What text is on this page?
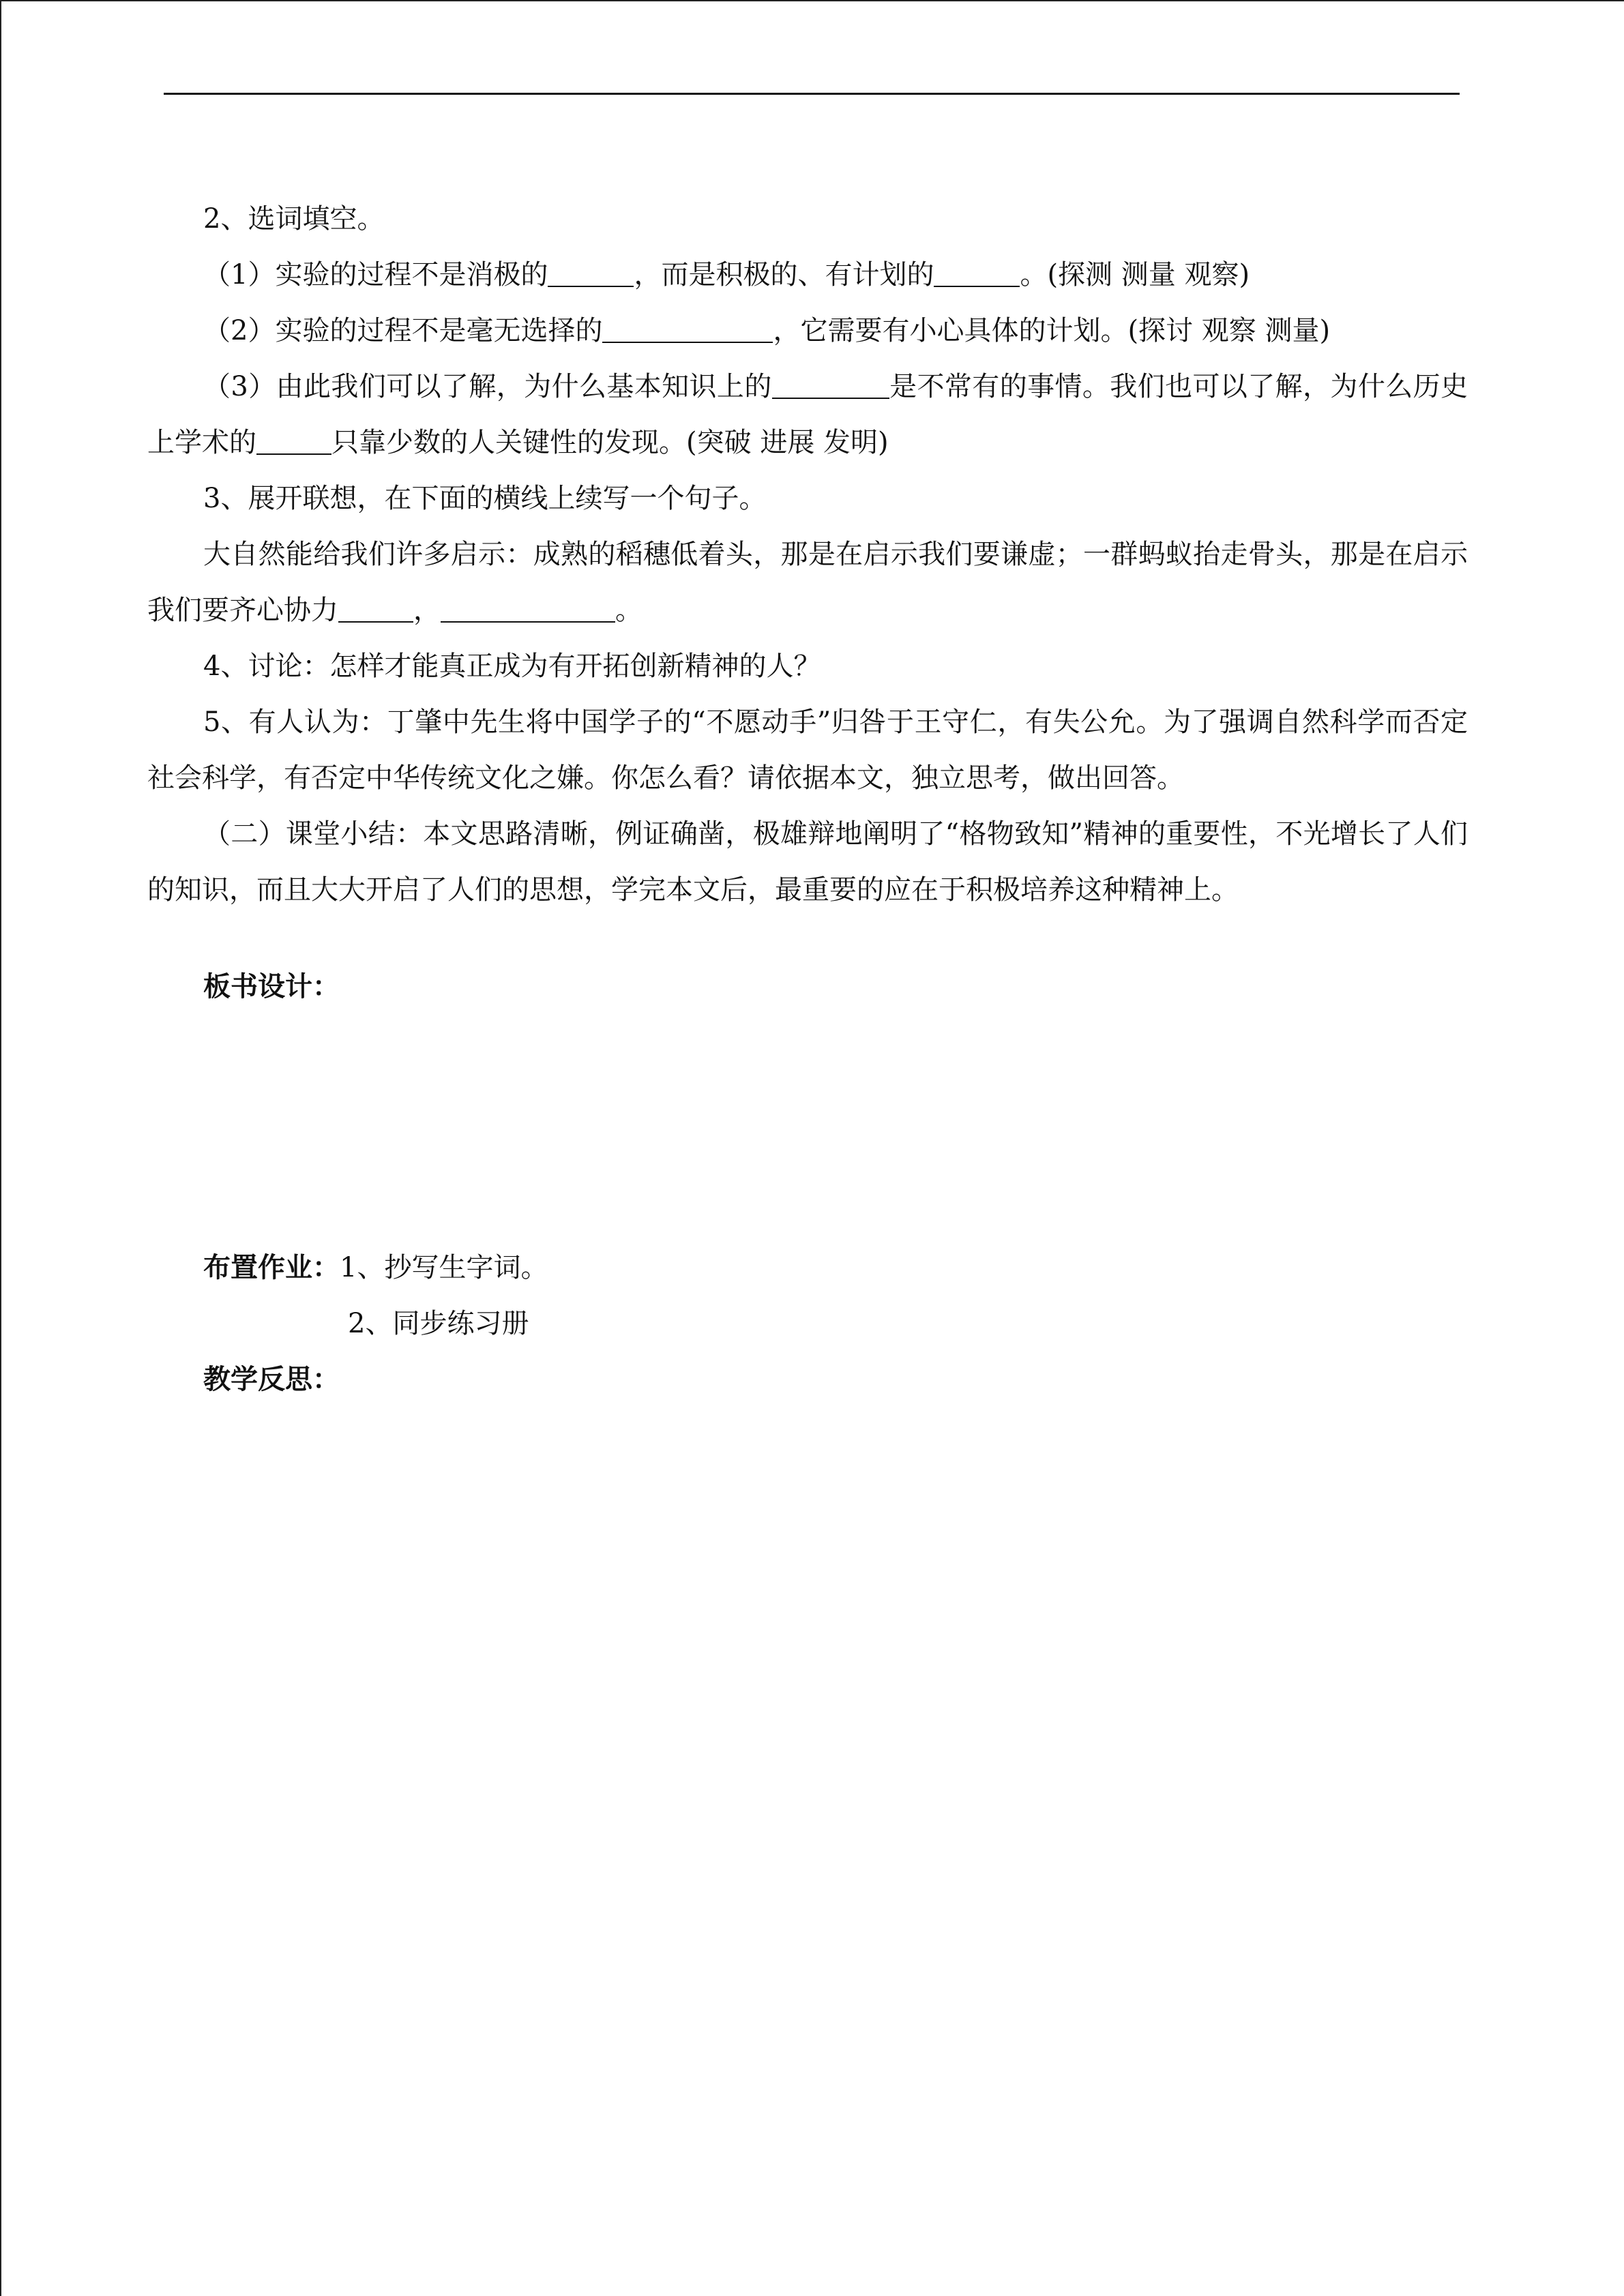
2、选词填空。

（1）实验的过程不是消极的	，而是积极的、有计划的	。(探测 测量 观察)

（2）实验的过程不是毫无选择的	，它需要有小心具体的计划。(探讨 观察 测量)

（3）由此我们可以了解，为什么基本知识上的	是不常有的事情。我们也可以了解，为什么历史上学术的	只靠少数的人关键性的发现。(突破 进展 发明)

3、展开联想，在下面的横线上续写一个句子。

大自然能给我们许多启示：成熟的稻穗低着头，那是在启示我们要谦虚；一群蚂蚁抬走骨头，那是在启示我们要齐心协力	，	。

4、讨论：怎样才能真正成为有开拓创新精神的人？

5、有人认为：丁肇中先生将中国学子的“不愿动手”归咎于王守仁，有失公允。为了强调自然科学而否定社会科学，有否定中华传统文化之嫌。你怎么看？请依据本文，独立思考，做出回答。

（二）课堂小结：本文思路清晰，例证确凿，极雄辩地阐明了“格物致知”精神的重要性，不光增长了人们的知识，而且大大开启了人们的思想，学完本文后，最重要的应在于积极培养这种精神上。

板书设计：

布置作业：1、抄写生字词。

2、同步练习册

教学反思：
